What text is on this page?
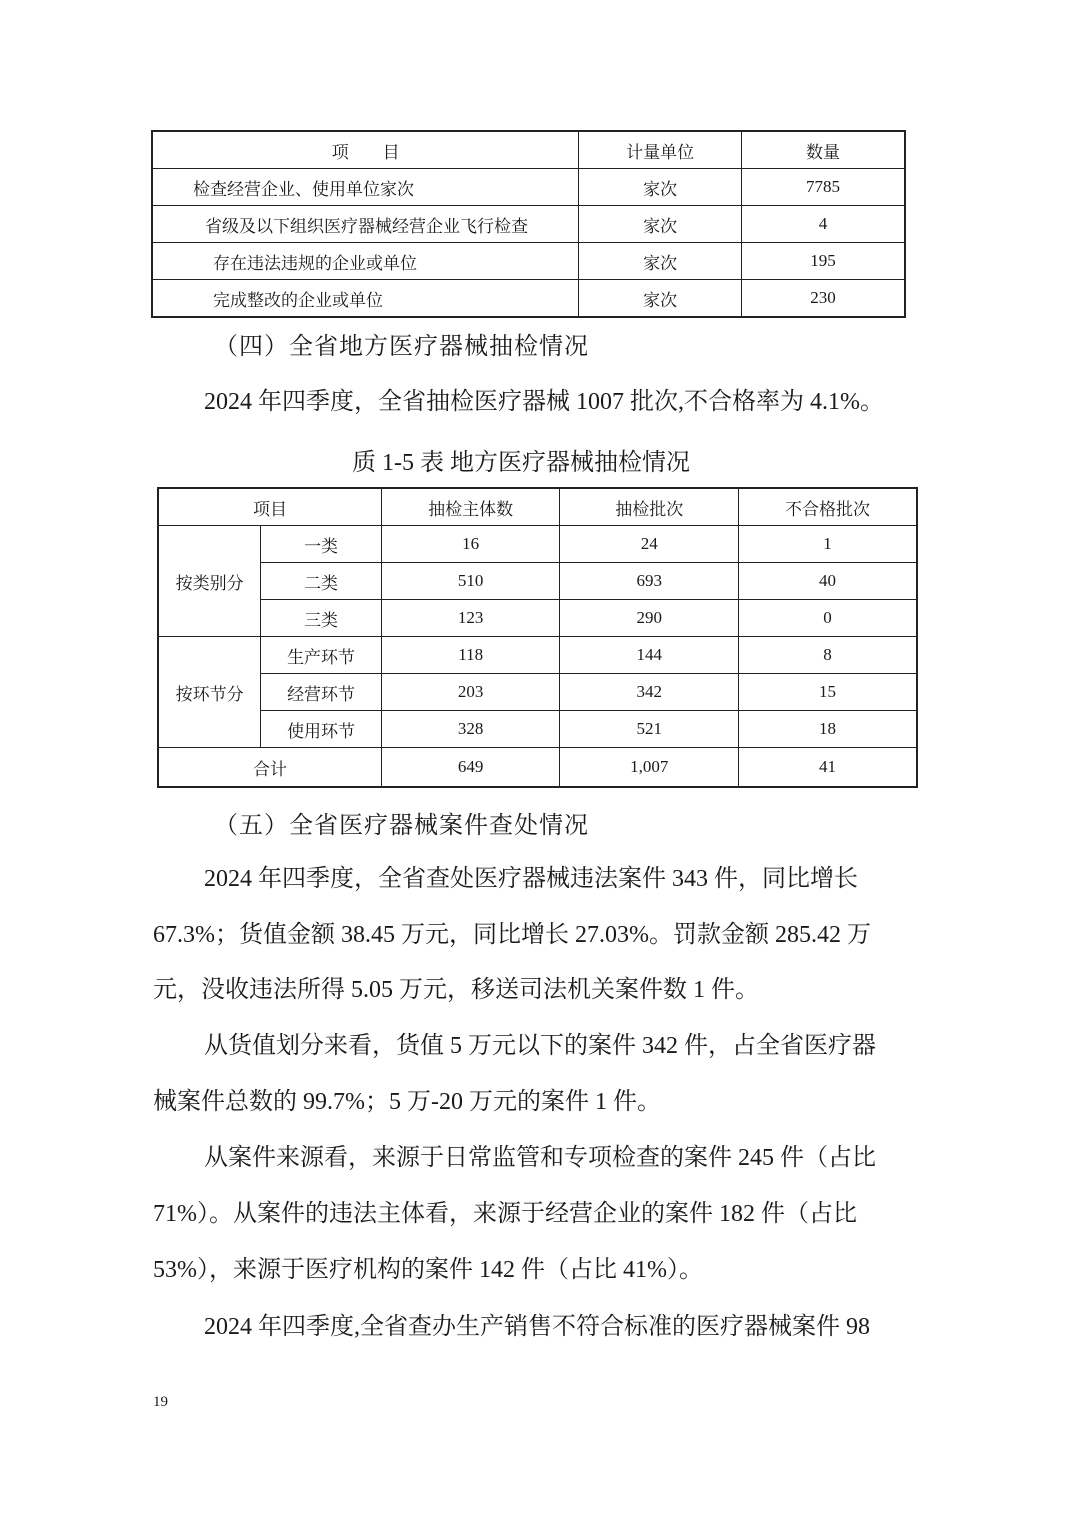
项　　目	计量单位	数量
检查经营企业、使用单位家次	家次	7785
省级及以下组织医疗器械经营企业飞行检查	家次	4
存在违法违规的企业或单位	家次	195
完成整改的企业或单位	家次	230
（四）全省地方医疗器械抽检情况
2024 年四季度，全省抽检医疗器械 1007 批次,不合格率为 4.1%。
质 1-5 表 地方医疗器械抽检情况
项目		抽检主体数	抽检批次	不合格批次
按类别分	一类	16	24	1
	二类	510	693	40
	三类	123	290	0
按环节分	生产环节	118	144	8
	经营环节	203	342	15
	使用环节	328	521	18
合计		649	1,007	41
（五）全省医疗器械案件查处情况
2024 年四季度，全省查处医疗器械违法案件 343 件，同比增长
67.3%；货值金额 38.45 万元，同比增长 27.03%。罚款金额 285.42 万
元，没收违法所得 5.05 万元，移送司法机关案件数 1 件。
从货值划分来看，货值 5 万元以下的案件 342 件，占全省医疗器
械案件总数的 99.7%；5 万-20 万元的案件 1 件。
从案件来源看，来源于日常监管和专项检查的案件 245 件（占比
71%）。从案件的违法主体看，来源于经营企业的案件 182 件（占比
53%），来源于医疗机构的案件 142 件（占比 41%）。
2024 年四季度,全省查办生产销售不符合标准的医疗器械案件 98
19
